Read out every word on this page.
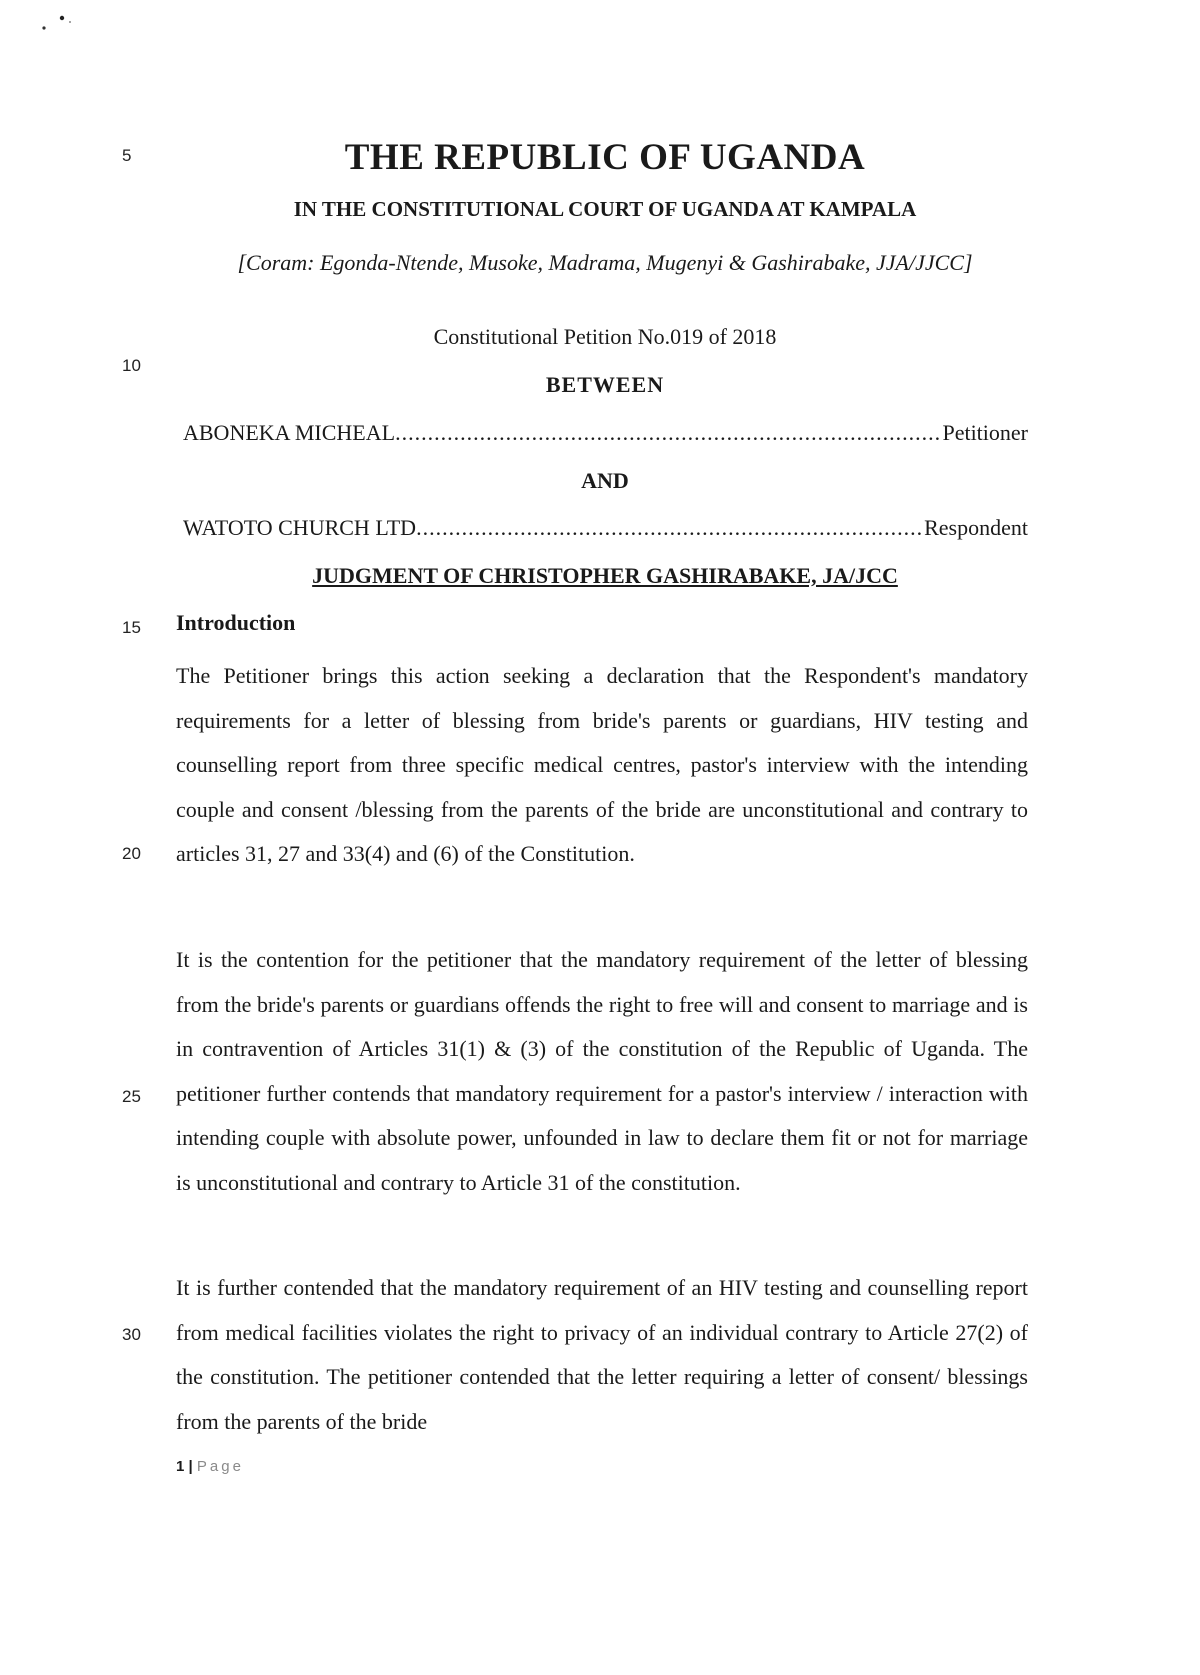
5
10
15
20
25
30
THE REPUBLIC OF UGANDA
IN THE CONSTITUTIONAL COURT OF UGANDA AT KAMPALA
[Coram: Egonda-Ntende, Musoke, Madrama, Mugenyi & Gashirabake, JJA/JJCC]
Constitutional Petition No.019 of 2018
BETWEEN
ABONEKA MICHEAL .....	Petitioner
AND
WATOTO CHURCH LTD .....	Respondent
JUDGMENT OF CHRISTOPHER GASHIRABAKE, JA/JCC
Introduction

The Petitioner brings this action seeking a declaration that the Respondent's mandatory requirements for a letter of blessing from bride's parents or guardians, HIV testing and counselling report from three specific medical centres, pastor's interview with the intending couple and consent /blessing from the parents of the bride are unconstitutional and contrary to articles 31, 27 and 33(4) and (6) of the Constitution.

It is the contention for the petitioner that the mandatory requirement of the letter of blessing from the bride's parents or guardians offends the right to free will and consent to marriage and is in contravention of Articles 31(1) & (3) of the constitution of the Republic of Uganda. The petitioner further contends that mandatory requirement for a pastor's interview / interaction with intending couple with absolute power, unfounded in law to declare them fit or not for marriage is unconstitutional and contrary to Article 31 of the constitution.

It is further contended that the mandatory requirement of an HIV testing and counselling report from medical facilities violates the right to privacy of an individual contrary to Article 27(2) of the constitution. The petitioner contended that the letter requiring a letter of consent/ blessings from the parents of the bride

1 | Page
